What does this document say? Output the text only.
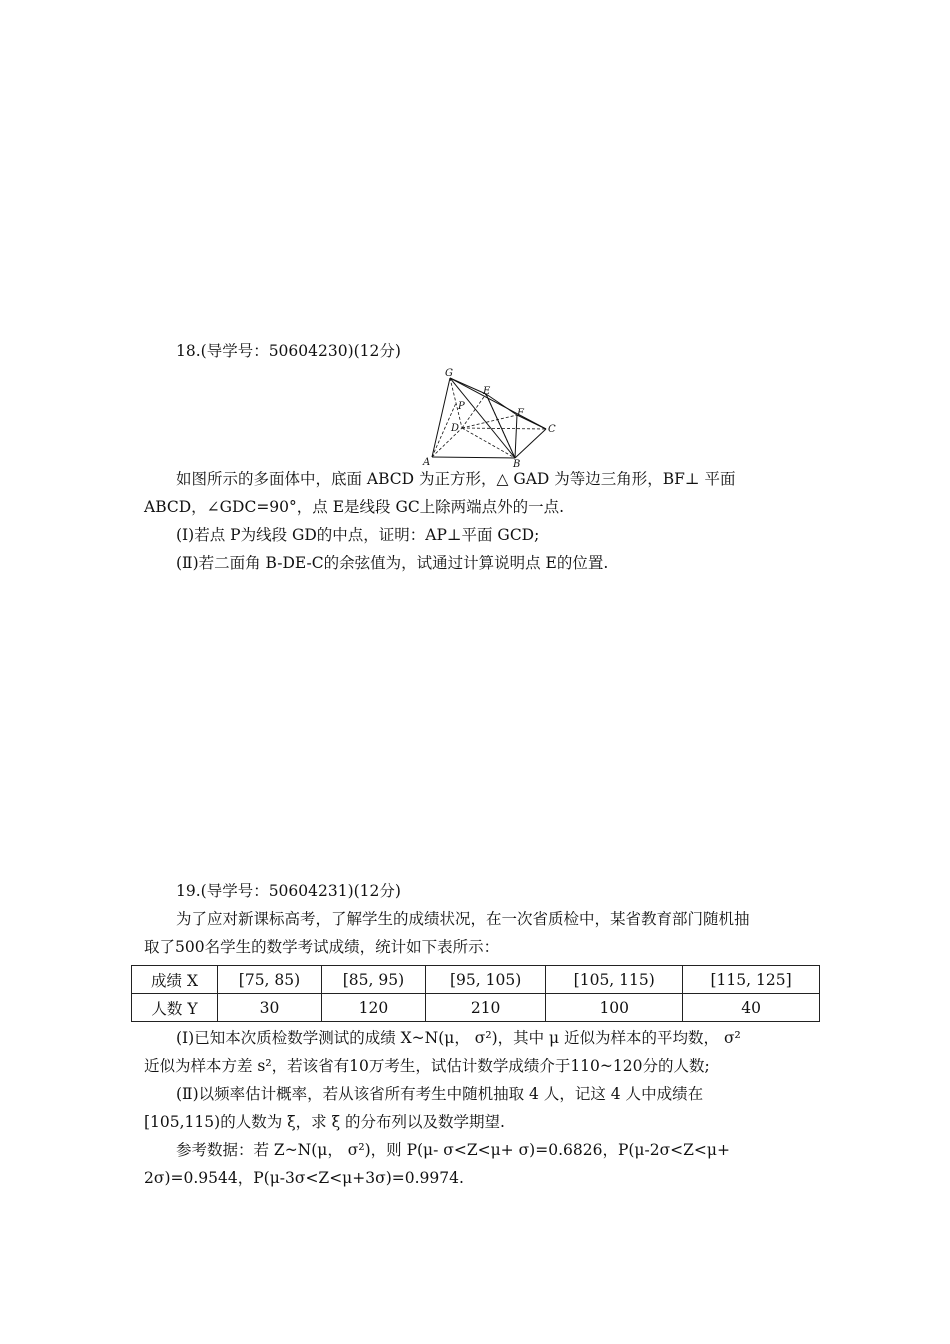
18.(导学号：50604230)(12分)
G
E
P
F
D	C
A	B
如图所示的多面体中，底面 ABCD 为正方形，△ GAD 为等边三角形，BF⊥ 平面
ABCD，∠GDC=90°，点 E是线段 GC上除两端点外的一点.
(Ⅰ)若点 P为线段 GD的中点，证明：AP⊥平面 GCD;
(Ⅱ)若二面角 B-DE-C的余弦值为，试通过计算说明点 E的位置.
19.(导学号：50604231)(12分)
为了应对新课标高考，了解学生的成绩状况，在一次省质检中，某省教育部门随机抽
取了500名学生的数学考试成绩，统计如下表所示：
成绩 X	[75, 85)	[85, 95)	[95, 105)	[105, 115)	[115, 125]
人数 Y	30	120	210	100	40
(Ⅰ)已知本次质检数学测试的成绩 X~N(μ， σ²)，其中 μ 近似为样本的平均数， σ²
近似为样本方差 s²，若该省有10万考生，试估计数学成绩介于110~120分的人数;
(Ⅱ)以频率估计概率，若从该省所有考生中随机抽取 4 人，记这 4 人中成绩在
[105,115)的人数为 ξ，求 ξ 的分布列以及数学期望.
参考数据：若 Z~N(μ， σ²)，则 P(μ- σ<Z<μ+ σ)=0.6826，P(μ-2σ<Z<μ+
2σ)=0.9544，P(μ-3σ<Z<μ+3σ)=0.9974.
